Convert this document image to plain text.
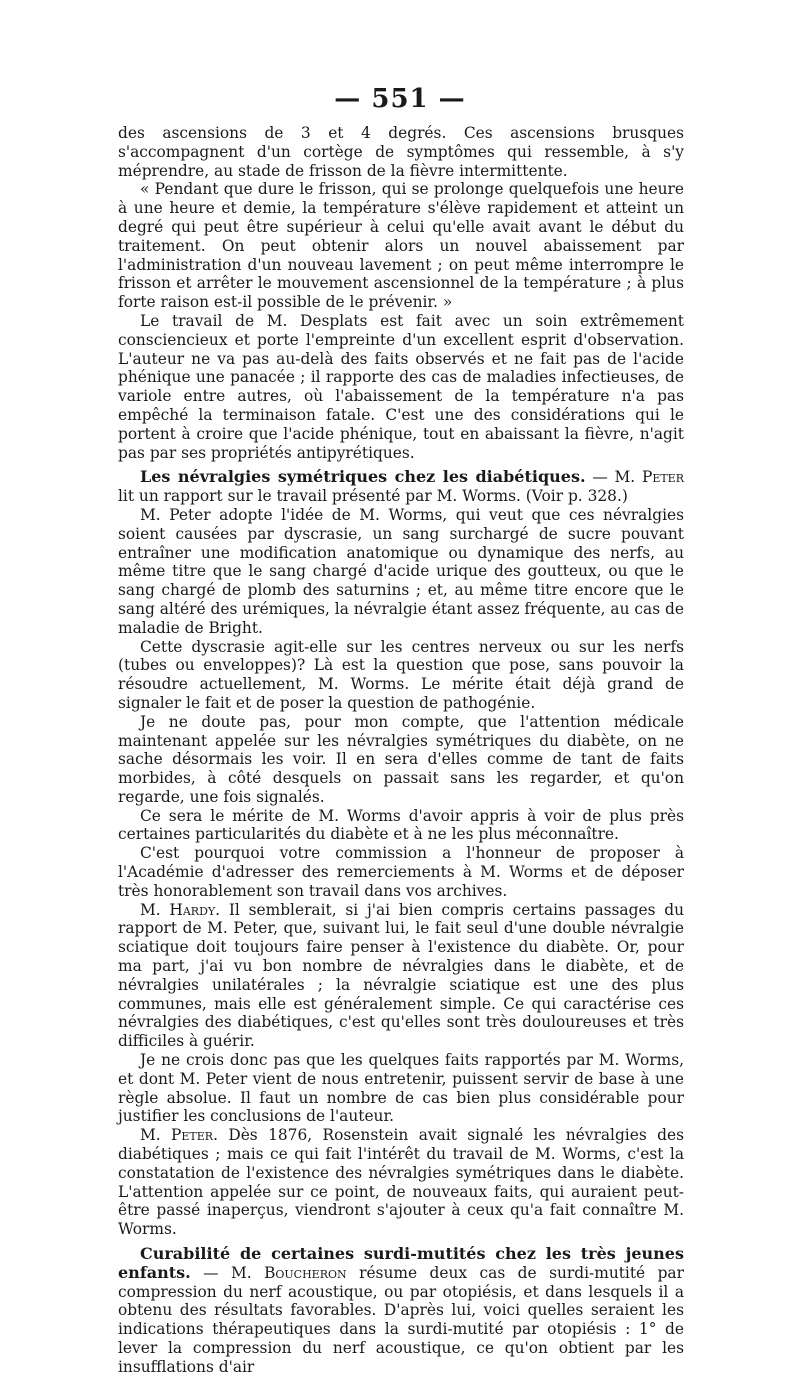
— 551 —

des ascensions de 3 et 4 degrés. Ces ascensions brusques s'accompagnent d'un cortège de symptômes qui ressemble, à s'y méprendre, au stade de frisson de la fièvre intermittente.

« Pendant que dure le frisson, qui se prolonge quelquefois une heure à une heure et demie, la température s'élève rapidement et atteint un degré qui peut être supérieur à celui qu'elle avait avant le début du traitement. On peut obtenir alors un nouvel abaissement par l'administration d'un nouveau lavement ; on peut même interrompre le frisson et arrêter le mouvement ascensionnel de la température ; à plus forte raison est-il possible de le prévenir. »

Le travail de M. Desplats est fait avec un soin extrêmement consciencieux et porte l'empreinte d'un excellent esprit d'observation. L'auteur ne va pas au-delà des faits observés et ne fait pas de l'acide phénique une panacée ; il rapporte des cas de maladies infectieuses, de variole entre autres, où l'abaissement de la température n'a pas empêché la terminaison fatale. C'est une des considérations qui le portent à croire que l'acide phénique, tout en abaissant la fièvre, n'agit pas par ses propriétés antipyrétiques.

Les névralgies symétriques chez les diabétiques. — M. Peter lit un rapport sur le travail présenté par M. Worms. (Voir p. 328.)

M. Peter adopte l'idée de M. Worms, qui veut que ces névralgies soient causées par dyscrasie, un sang surchargé de sucre pouvant entraîner une modification anatomique ou dynamique des nerfs, au même titre que le sang chargé d'acide urique des goutteux, ou que le sang chargé de plomb des saturnins ; et, au même titre encore que le sang altéré des urémiques, la névralgie étant assez fréquente, au cas de maladie de Bright.

Cette dyscrasie agit-elle sur les centres nerveux ou sur les nerfs (tubes ou enveloppes)? Là est la question que pose, sans pouvoir la résoudre actuellement, M. Worms. Le mérite était déjà grand de signaler le fait et de poser la question de pathogénie.

Je ne doute pas, pour mon compte, que l'attention médicale maintenant appelée sur les névralgies symétriques du diabète, on ne sache désormais les voir. Il en sera d'elles comme de tant de faits morbides, à côté desquels on passait sans les regarder, et qu'on regarde, une fois signalés.

Ce sera le mérite de M. Worms d'avoir appris à voir de plus près certaines particularités du diabète et à ne les plus méconnaître.

C'est pourquoi votre commission a l'honneur de proposer à l'Académie d'adresser des remerciements à M. Worms et de déposer très honorablement son travail dans vos archives.

M. Hardy. Il semblerait, si j'ai bien compris certains passages du rapport de M. Peter, que, suivant lui, le fait seul d'une double névralgie sciatique doit toujours faire penser à l'existence du diabète. Or, pour ma part, j'ai vu bon nombre de névralgies dans le diabète, et de névralgies unilatérales ; la névralgie sciatique est une des plus communes, mais elle est généralement simple. Ce qui caractérise ces névralgies des diabétiques, c'est qu'elles sont très douloureuses et très difficiles à guérir.

Je ne crois donc pas que les quelques faits rapportés par M. Worms, et dont M. Peter vient de nous entretenir, puissent servir de base à une règle absolue. Il faut un nombre de cas bien plus considérable pour justifier les conclusions de l'auteur.

M. Peter. Dès 1876, Rosenstein avait signalé les névralgies des diabétiques ; mais ce qui fait l'intérêt du travail de M. Worms, c'est la constatation de l'existence des névralgies symétriques dans le diabète. L'attention appelée sur ce point, de nouveaux faits, qui auraient peut-être passé inaperçus, viendront s'ajouter à ceux qu'a fait connaître M. Worms.

Curabilité de certaines surdi-mutités chez les très jeunes enfants. — M. Boucheron résume deux cas de surdi-mutité par compression du nerf acoustique, ou par otopiésis, et dans lesquels il a obtenu des résultats favorables. D'après lui, voici quelles seraient les indications thérapeutiques dans la surdi-mutité par otopiésis : 1° de lever la compression du nerf acoustique, ce qu'on obtient par les insufflations d'air
